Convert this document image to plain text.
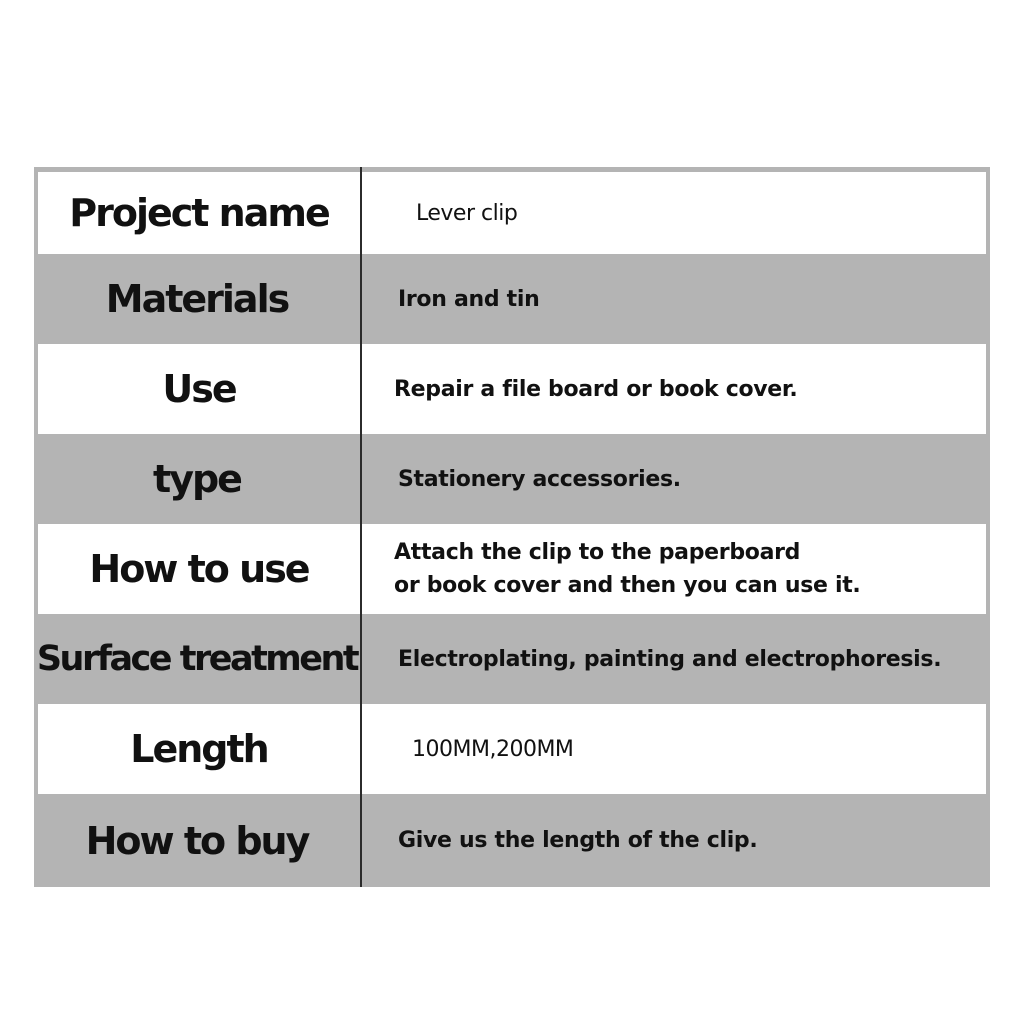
Project name	Lever clip
Materials	Iron and tin
Use	Repair a file board or book cover.
type	Stationery accessories.
How to use	Attach the clip to the paperboard
or book cover and then you can use it.
Surface treatment	Electroplating, painting and electrophoresis.
Length	100MM,200MM
How to buy	Give us the length of the clip.
